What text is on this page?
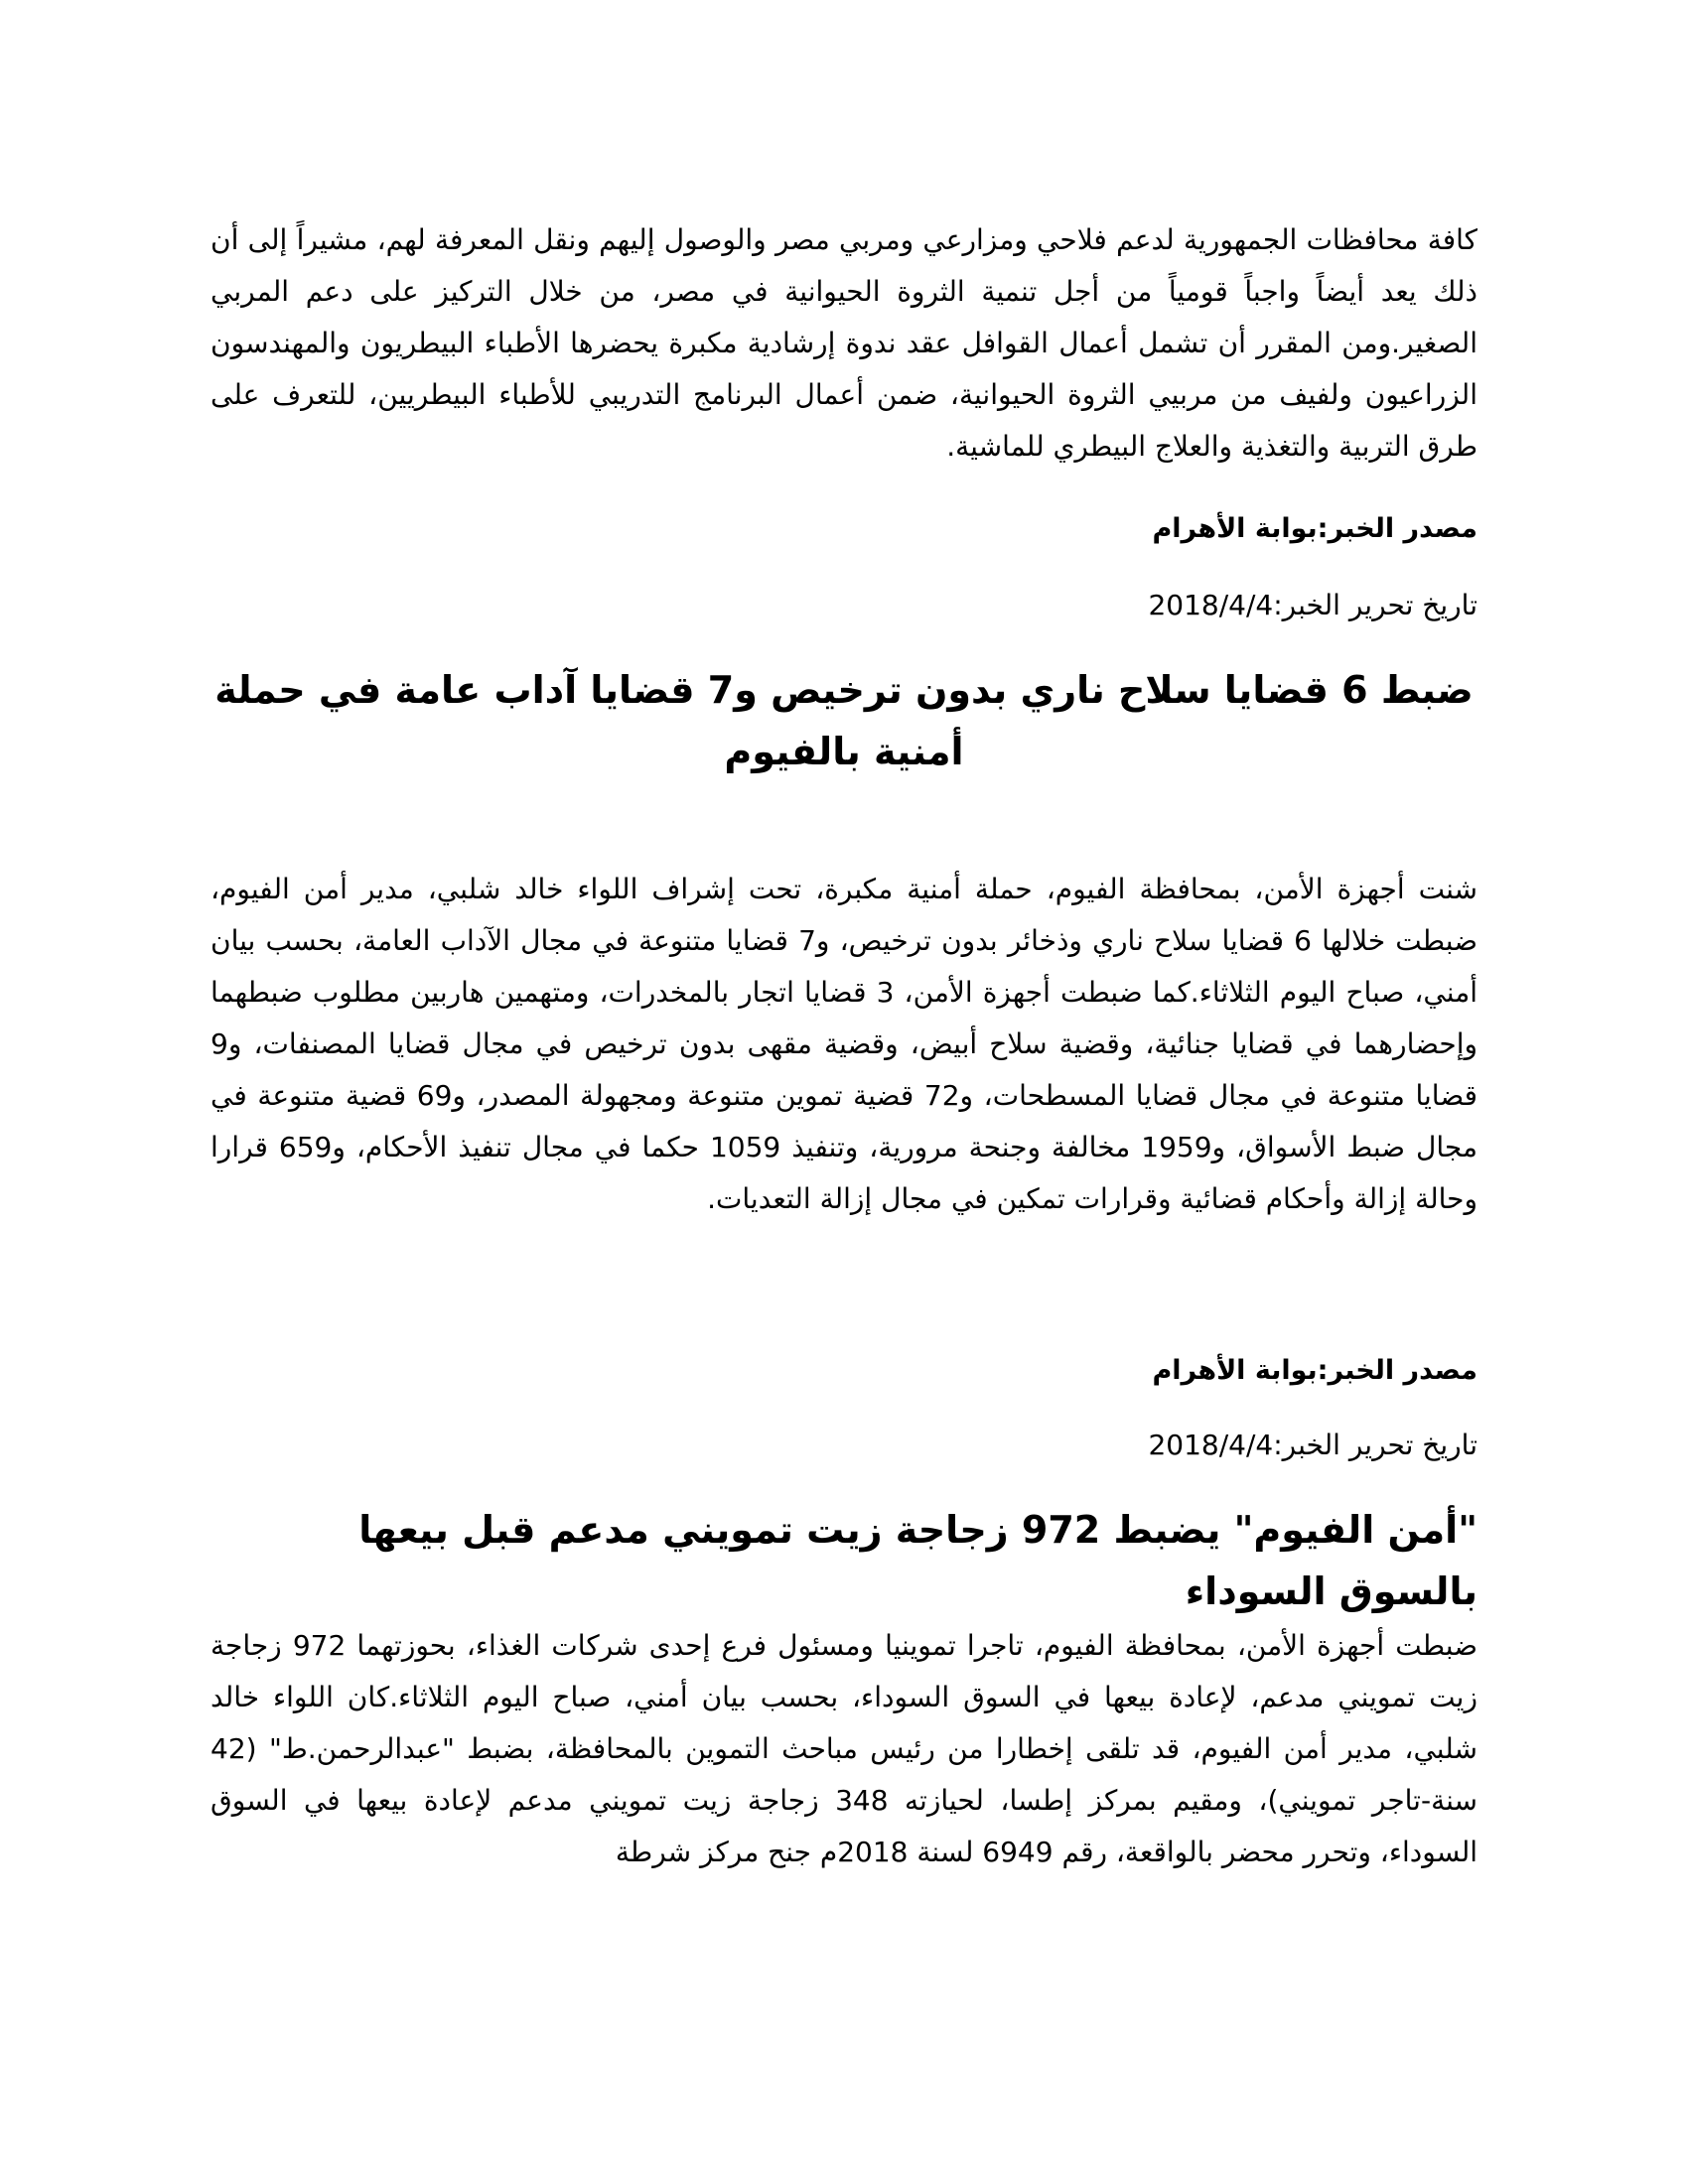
كافة محافظات الجمهورية لدعم فلاحي ومزارعي ومربي مصر والوصول إليهم ونقل المعرفة لهم، مشيراً إلى أن ذلك يعد أيضاً واجباً قومياً من أجل تنمية الثروة الحيوانية في مصر، من خلال التركيز على دعم المربي الصغير.ومن المقرر أن تشمل أعمال القوافل عقد ندوة إرشادية مكبرة يحضرها الأطباء البيطريون والمهندسون الزراعيون ولفيف من مربيي الثروة الحيوانية، ضمن أعمال البرنامج التدريبي للأطباء البيطريين، للتعرف على طرق التربية والتغذية والعلاج البيطري للماشية.

مصدر الخبر:بوابة الأهرام

تاريخ تحرير الخبر:2018/4/4

ضبط 6 قضايا سلاح ناري بدون ترخيص و7 قضايا آداب عامة في حملة أمنية بالفيوم

شنت أجهزة الأمن، بمحافظة الفيوم، حملة أمنية مكبرة، تحت إشراف اللواء خالد شلبي، مدير أمن الفيوم، ضبطت خلالها 6 قضايا سلاح ناري وذخائر بدون ترخيص، و7 قضايا متنوعة في مجال الآداب العامة، بحسب بيان أمني، صباح اليوم الثلاثاء.كما ضبطت أجهزة الأمن، 3 قضايا اتجار بالمخدرات، ومتهمين هاربين مطلوب ضبطهما وإحضارهما في قضايا جنائية، وقضية سلاح أبيض، وقضية مقهى بدون ترخيص في مجال قضايا المصنفات، و9 قضايا متنوعة في مجال قضايا المسطحات، و72 قضية تموين متنوعة ومجهولة المصدر، و69 قضية متنوعة في مجال ضبط الأسواق، و1959 مخالفة وجنحة مرورية، وتنفيذ 1059 حكما في مجال تنفيذ الأحكام، و659 قرارا وحالة إزالة وأحكام قضائية وقرارات تمكين في مجال إزالة التعديات.

مصدر الخبر:بوابة الأهرام

تاريخ تحرير الخبر:2018/4/4

"أمن الفيوم" يضبط 972 زجاجة زيت تمويني مدعم قبل بيعها بالسوق السوداء

ضبطت أجهزة الأمن، بمحافظة الفيوم، تاجرا تموينيا ومسئول فرع إحدى شركات الغذاء، بحوزتهما 972 زجاجة زيت تمويني مدعم، لإعادة بيعها في السوق السوداء، بحسب بيان أمني، صباح اليوم الثلاثاء.كان اللواء خالد شلبي، مدير أمن الفيوم، قد تلقى إخطارا من رئيس مباحث التموين بالمحافظة، بضبط "عبدالرحمن.ط" (42 سنة-تاجر تمويني)، ومقيم بمركز إطسا، لحيازته 348 زجاجة زيت تمويني مدعم لإعادة بيعها في السوق السوداء، وتحرر محضر بالواقعة، رقم 6949 لسنة 2018م جنح مركز شرطة
